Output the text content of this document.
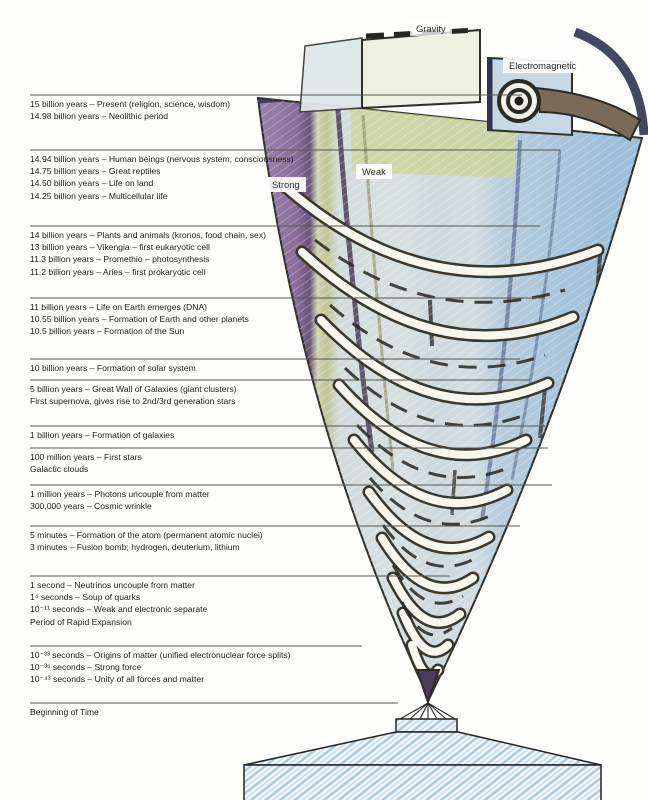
15 billion years – Present (religion, science, wisdom)
14.98 billion years – Neolithic period
14.94 billion years – Human beings (nervous system, consciousness)
14.75 billion years – Great reptiles
14.50 billion years – Life on land
14.25 billion years – Multicellular life
14 billion years – Plants and animals (kronos, food chain, sex)
13 billion years – Vikengia – first eukaryotic cell
11.3 billion years – Promethio – photosynthesis
11.2 billion years – Aries – first prokaryotic cell
11 billion years – Life on Earth emerges (DNA)
10.55 billion years – Formation of Earth and other planets
10.5 billion years – Formation of the Sun
10 billion years – Formation of solar system
5 billion years – Great Wall of Galaxies (giant clusters)
First supernova, gives rise to 2nd/3rd generation stars
1 billion years – Formation of galaxies
100 million years – First stars
Galactic clouds
1 million years – Photons uncouple from matter
300,000 years – Cosmic wrinkle
5 minutes – Formation of the atom (permanent atomic nuclei)
3 minutes – Fusion bomb; hydrogen, deuterium, lithium
1 second – Neutrinos uncouple from matter
1⁴ seconds – Soup of quarks
10⁻¹¹ seconds – Weak and electronic separate
Period of Rapid Expansion
10⁻³³ seconds – Origins of matter (unified electronuclear force splits)
10⁻³⁶ seconds – Strong force
10⁻⁴³ seconds – Unity of all forces and matter
Beginning of Time
Gravity
Electromagnetic
Strong
Weak
